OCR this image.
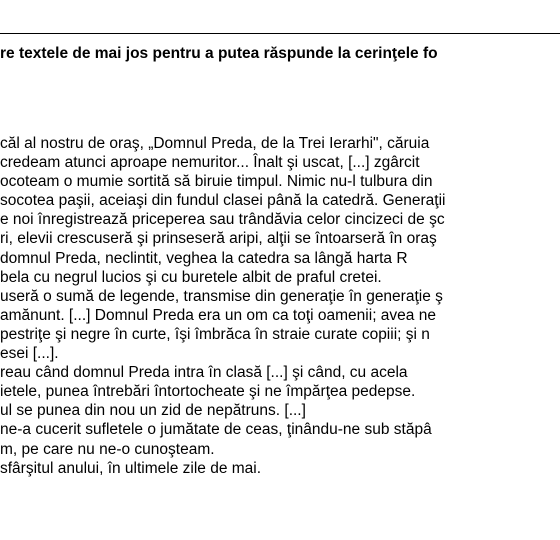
re textele de mai jos pentru a putea răspunde la cerinţele fo
căl al nostru de oraş, „Domnul Preda, de la Trei Ierarhi", căruia
credeam atunci aproape nemuritor... Înalt şi uscat, [...] zgârcit
ocoteam o mumie sortită să biruie timpul. Nimic nu-l tulbura din
socotea paşii, aceiaşi din fundul clasei până la catedră. Generaţii
e noi înregistrează priceperea sau trândăvia celor cincizeci de şc
ri, elevii crescuseră şi prinseseră aripi, alţii se întoarseră în oraş
domnul Preda, neclintit, veghea la catedra sa lângă harta R
bela cu negrul lucios şi cu buretele albit de praful cretei.
useră o sumă de legende, transmise din generaţie în generaţie ş
amănunt. [...] Domnul Preda era un om ca toţi oamenii; avea ne
pestriţe şi negre în curte, îşi îmbrăca în straie curate copiii; şi n
esei [...].
reau când domnul Preda intra în clasă [...] şi când, cu acela
ietele, punea întrebări întortocheate şi ne împărţea pedepse.
ul se punea din nou un zid de nepătruns. [...]
ne-a cucerit sufletele o jumătate de ceas, ţinându-ne sub stăpâ
m, pe care nu ne-o cunoşteam.
sfârşitul anului, în ultimele zile de mai.
